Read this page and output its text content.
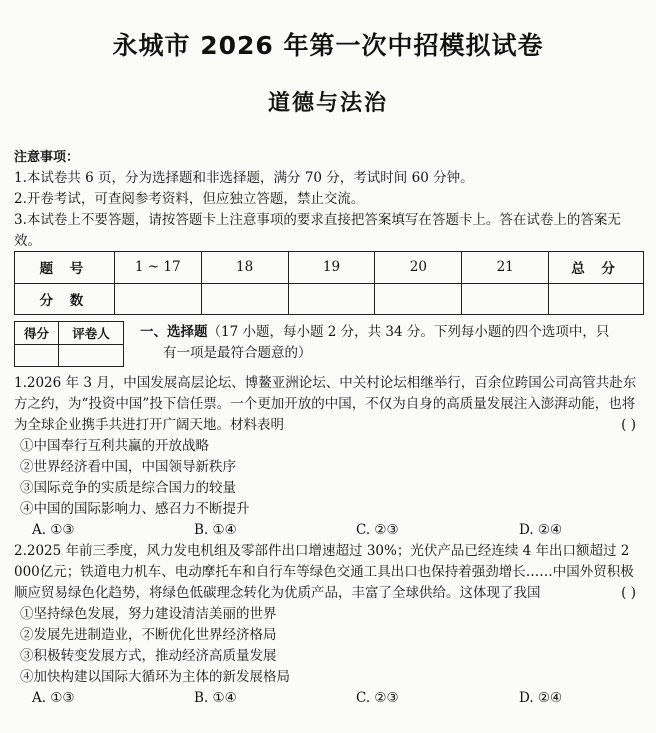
永城市 2026 年第一次中招模拟试卷
道德与法治
注意事项：
1.本试卷共 6 页，分为选择题和非选择题，满分 70 分，考试时间 60 分钟。
2.开卷考试，可查阅参考资料，但应独立答题，禁止交流。
3.本试卷上不要答题，请按答题卡上注意事项的要求直接把答案填写在答题卡上。答在试卷上的答案无效。
题 号	1 ~ 17	18	19	20	21	总 分
分 数						
得分	评卷人
	一、选择题（17 小题，每小题 2 分，共 34 分。下列每小题的四个选项中，只
有一项是最符合题意的）
1.2026 年 3 月，中国发展高层论坛、博鳌亚洲论坛、中关村论坛相继举行，百余位跨国公司高管共赴东方之约，为“投资中国”投下信任票。一个更加开放的中国，不仅为自身的高质量发展注入澎湃动能，也将为全球企业携手共进打开广阔天地。材料表明	( )
①中国奉行互利共赢的开放战略
②世界经济看中国，中国领导新秩序
③国际竞争的实质是综合国力的较量
④中国的国际影响力、感召力不断提升
A. ①③	B. ①④	C. ②③	D. ②④
2.2025 年前三季度，风力发电机组及零部件出口增速超过 30%；光伏产品已经连续 4 年出口额超过 2 000亿元；铁道电力机车、电动摩托车和自行车等绿色交通工具出口也保持着强劲增长……中国外贸积极顺应贸易绿色化趋势，将绿色低碳理念转化为优质产品，丰富了全球供给。这体现了我国	( )
①坚持绿色发展，努力建设清洁美丽的世界
②发展先进制造业，不断优化世界经济格局
③积极转变发展方式，推动经济高质量发展
④加快构建以国际大循环为主体的新发展格局
A. ①③	B. ①④	C. ②③	D. ②④
